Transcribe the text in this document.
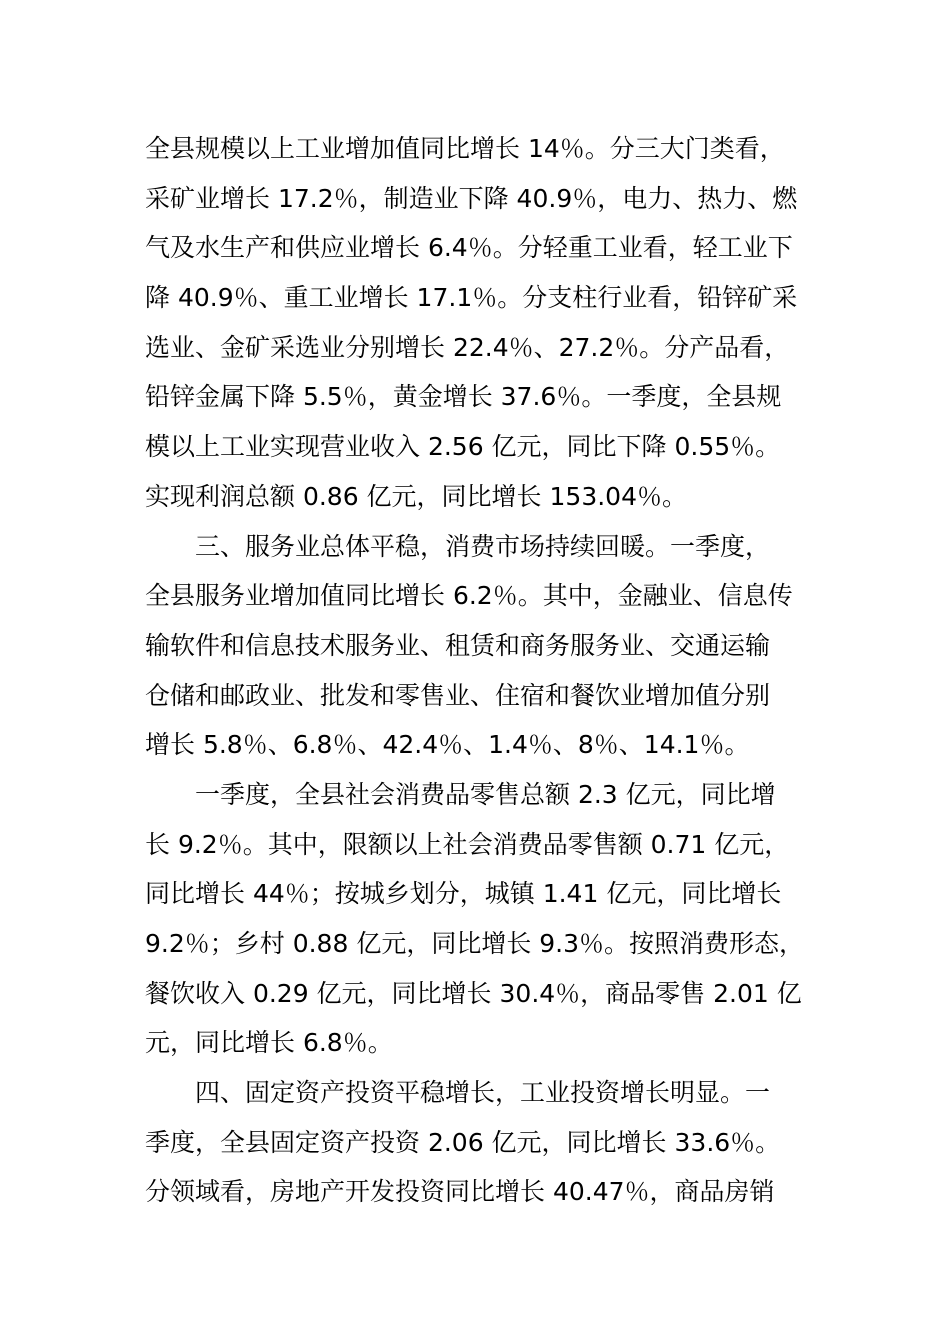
全县规模以上工业增加值同比增长 14％。分三大门类看，
采矿业增长 17.2％，制造业下降 40.9％，电力、热力、燃
气及水生产和供应业增长 6.4％。分轻重工业看，轻工业下
降 40.9％、重工业增长 17.1％。分支柱行业看，铅锌矿采
选业、金矿采选业分别增长 22.4％、27.2％。分产品看，
铅锌金属下降 5.5％，黄金增长 37.6％。一季度，全县规
模以上工业实现营业收入 2.56 亿元，同比下降 0.55％。
实现利润总额 0.86 亿元，同比增长 153.04％。
三、服务业总体平稳，消费市场持续回暖。一季度，
全县服务业增加值同比增长 6.2％。其中，金融业、信息传
输软件和信息技术服务业、租赁和商务服务业、交通运输
仓储和邮政业、批发和零售业、住宿和餐饮业增加值分别
增长 5.8％、6.8％、42.4％、1.4％、8％、14.1％。
一季度，全县社会消费品零售总额 2.3 亿元，同比增
长 9.2％。其中，限额以上社会消费品零售额 0.71 亿元，
同比增长 44％；按城乡划分，城镇 1.41 亿元，同比增长
9.2％；乡村 0.88 亿元，同比增长 9.3％。按照消费形态，
餐饮收入 0.29 亿元，同比增长 30.4％，商品零售 2.01 亿
元，同比增长 6.8％。
四、固定资产投资平稳增长，工业投资增长明显。一
季度，全县固定资产投资 2.06 亿元，同比增长 33.6％。
分领域看，房地产开发投资同比增长 40.47％，商品房销
